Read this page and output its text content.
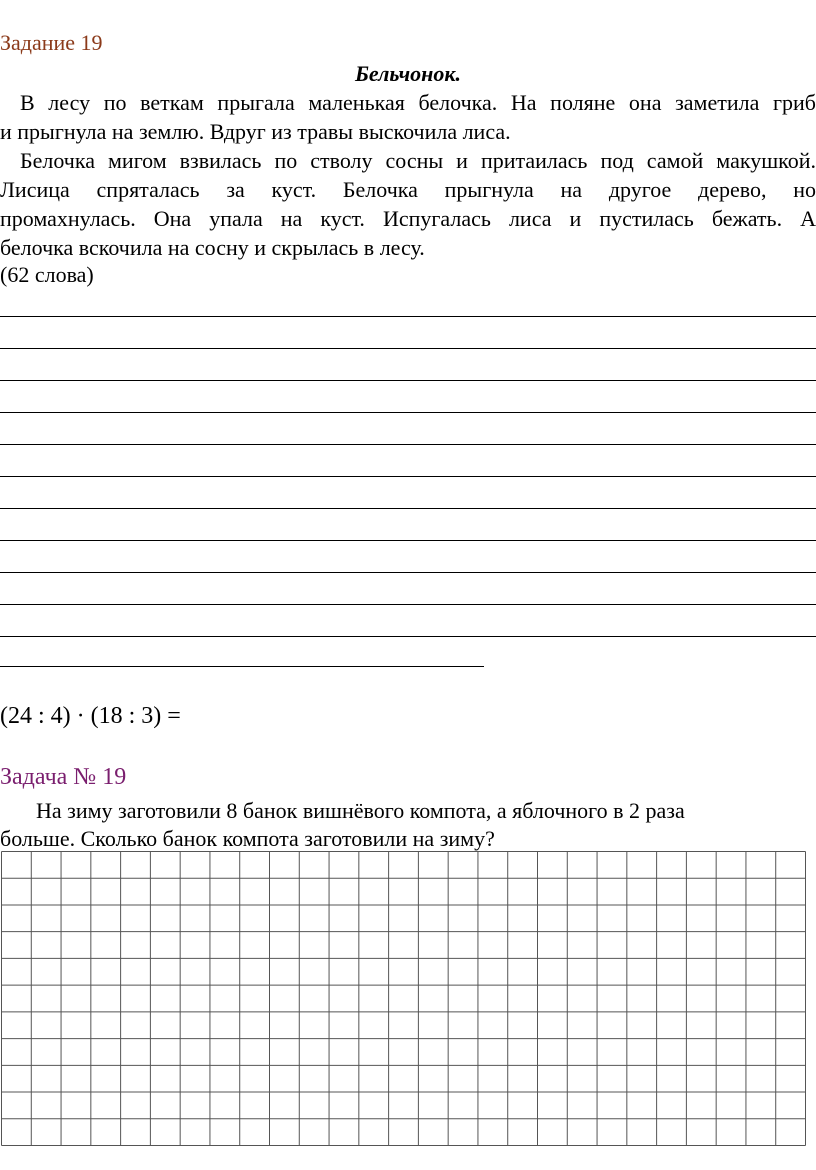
Задание 19
Бельчонок.
В лесу по веткам прыгала маленькая белочка. На поляне она заметила гриб
и прыгнула на землю. Вдруг из травы выскочила лиса.
Белочка мигом взвилась по стволу сосны и притаилась под самой макушкой.
Лисица спряталась за куст. Белочка прыгнула на другое дерево, но
промахнулась. Она упала на куст. Испугалась лиса и пустилась бежать. А
белочка вскочила на сосну и скрылась в лесу.
(62 слова)
(24 : 4) · (18 : 3) =
Задача № 19
На зиму заготовили 8 банок вишнёвого компота, а яблочного в 2 раза
больше. Сколько банок компота заготовили на зиму?
